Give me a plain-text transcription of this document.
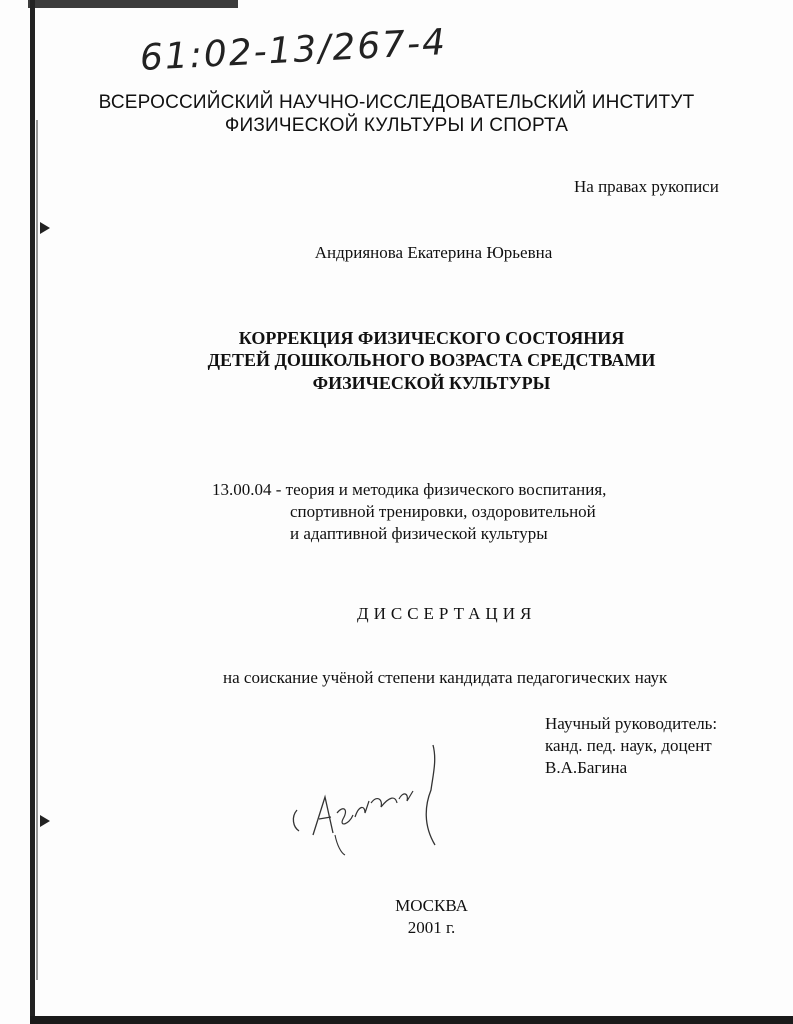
61:02-13/267-4
ВСЕРОССИЙСКИЙ НАУЧНО-ИССЛЕДОВАТЕЛЬСКИЙ ИНСТИТУТ
ФИЗИЧЕСКОЙ КУЛЬТУРЫ И СПОРТА
На правах рукописи
Андриянова Екатерина Юрьевна
КОРРЕКЦИЯ ФИЗИЧЕСКОГО СОСТОЯНИЯ
ДЕТЕЙ ДОШКОЛЬНОГО ВОЗРАСТА СРЕДСТВАМИ
ФИЗИЧЕСКОЙ КУЛЬТУРЫ
13.00.04 - теория и методика физического воспитания,
спортивной тренировки, оздоровительной
и адаптивной физической культуры
ДИССЕРТАЦИЯ
на соискание учёной степени кандидата педагогических наук
Научный руководитель:
канд. пед. наук, доцент
В.А.Багина
МОСКВА
2001 г.
